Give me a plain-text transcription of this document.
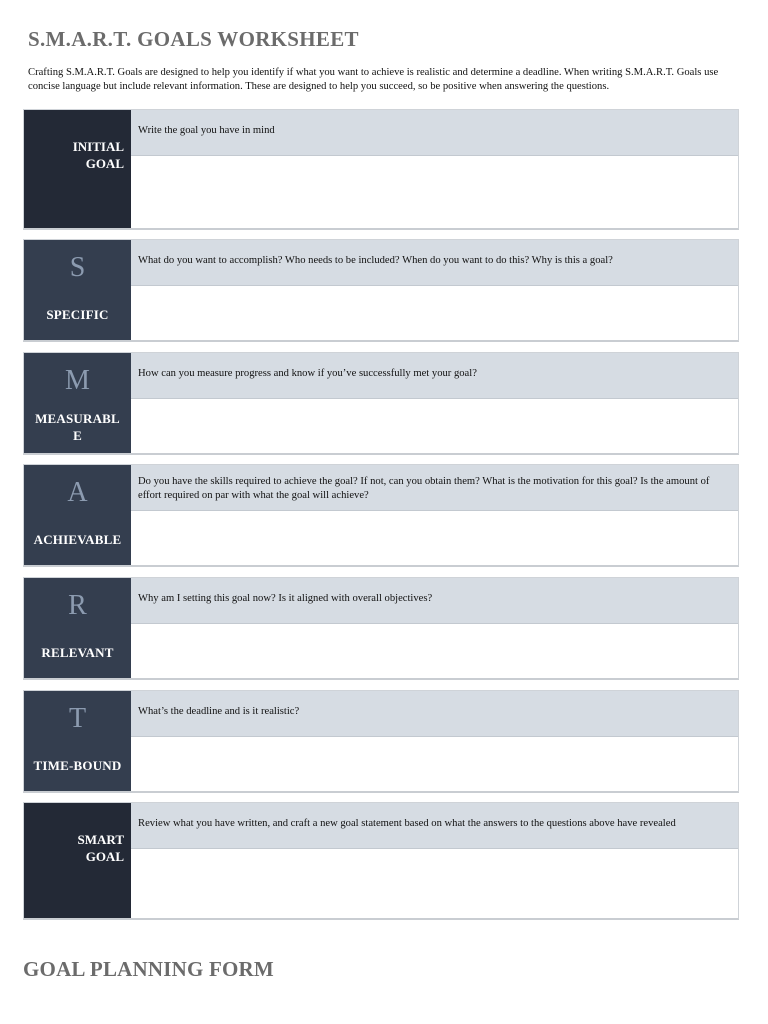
S.M.A.R.T. GOALS WORKSHEET
Crafting S.M.A.R.T. Goals are designed to help you identify if what you want to achieve is realistic and determine a deadline. When writing S.M.A.R.T. Goals use concise language but include relevant information. These are designed to help you succeed, so be positive when answering the questions.
INITIAL
GOAL
Write the goal you have in mind
S
SPECIFIC
What do you want to accomplish? Who needs to be included? When do you want to do this? Why is this a goal?
M
MEASURABL
E
How can you measure progress and know if you’ve successfully met your goal?
A
ACHIEVABLE
Do you have the skills required to achieve the goal? If not, can you obtain them? What is the motivation for this goal? Is the amount of effort required on par with what the goal will achieve?
R
RELEVANT
Why am I setting this goal now? Is it aligned with overall objectives?
T
TIME-BOUND
What’s the deadline and is it realistic?
SMART
GOAL
Review what you have written, and craft a new goal statement based on what the answers to the questions above have revealed
GOAL PLANNING FORM
